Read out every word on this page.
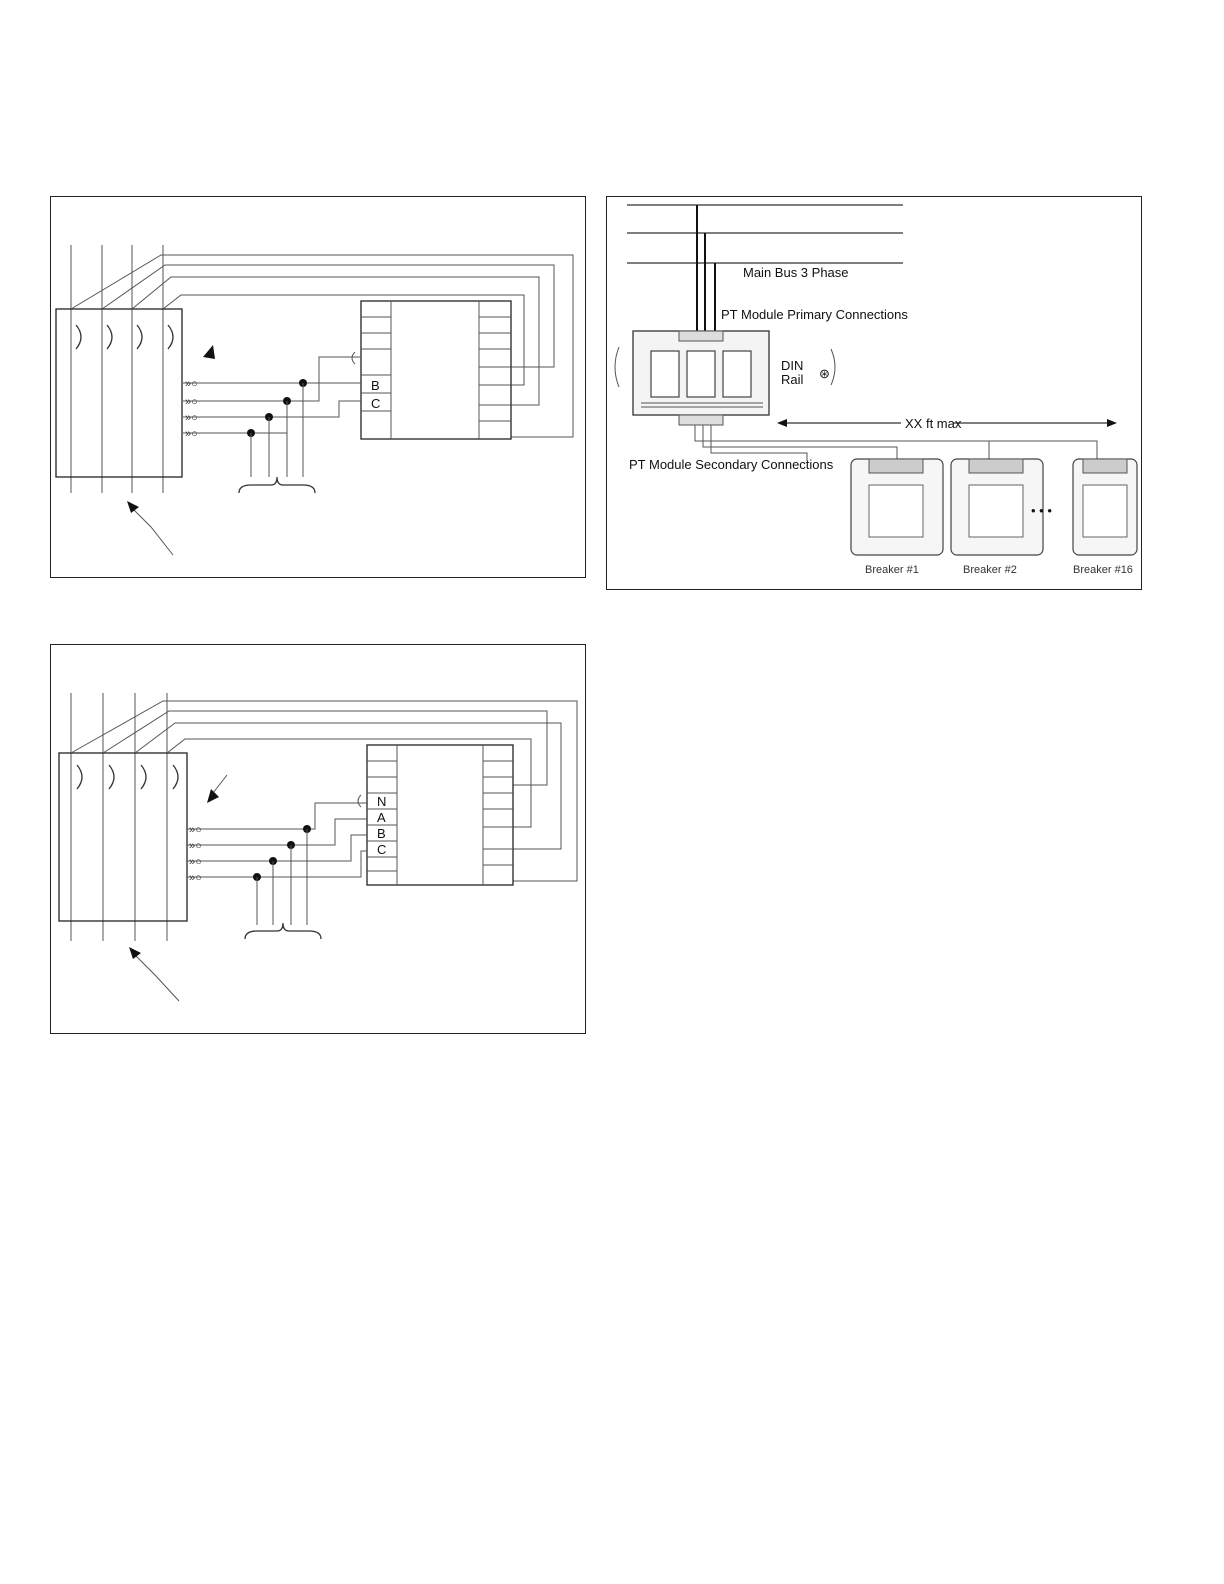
B
C
»○
»○
»○
»○
N
A
B
C
»○
»○
»○
»○
Main Bus 3 Phase
PT Module Primary Connections
DIN
Rail ⊛
XX ft max
PT Module Secondary Connections
Breaker #1	Breaker #2
• • •
Breaker #16
